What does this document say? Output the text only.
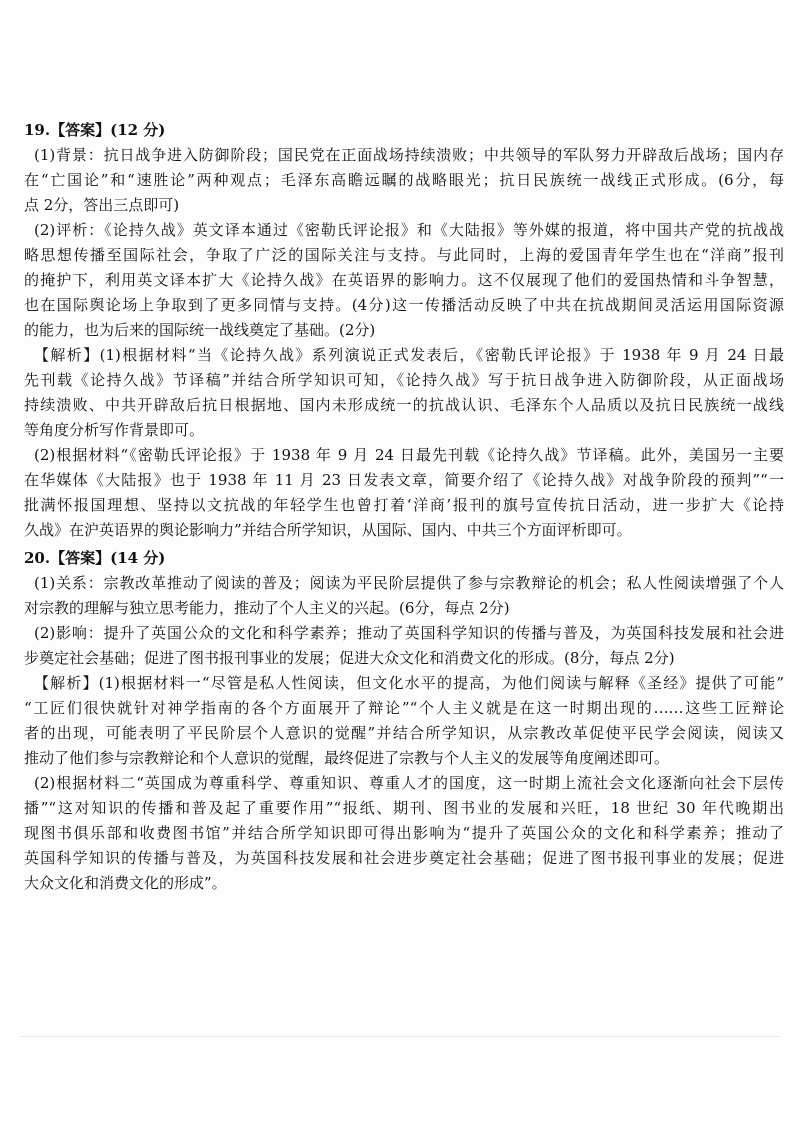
19.【答案】(12 分)
(1)背景：抗日战争进入防御阶段；国民党在正面战场持续溃败；中共领导的军队努力开辟敌后战场；国内存
在“亡国论”和“速胜论”两种观点；毛泽东高瞻远瞩的战略眼光；抗日民族统一战线正式形成。(6分，每
点 2分，答出三点即可)
(2)评析：《论持久战》英文译本通过《密勒氏评论报》和《大陆报》等外媒的报道，将中国共产党的抗战战
略思想传播至国际社会，争取了广泛的国际关注与支持。与此同时，上海的爱国青年学生也在“洋商”报刊
的掩护下，利用英文译本扩大《论持久战》在英语界的影响力。这不仅展现了他们的爱国热情和斗争智慧，
也在国际舆论场上争取到了更多同情与支持。(4分)这一传播活动反映了中共在抗战期间灵活运用国际资源
的能力，也为后来的国际统一战线奠定了基础。(2分)
【解析】(1)根据材料“当《论持久战》系列演说正式发表后，《密勒氏评论报》于 1938 年 9 月 24 日最
先刊载《论持久战》节译稿”并结合所学知识可知，《论持久战》写于抗日战争进入防御阶段，从正面战场
持续溃败、中共开辟敌后抗日根据地、国内未形成统一的抗战认识、毛泽东个人品质以及抗日民族统一战线
等角度分析写作背景即可。
(2)根据材料“《密勒氏评论报》于 1938 年 9 月 24 日最先刊载《论持久战》节译稿。此外，美国另一主要
在华媒体《大陆报》也于 1938 年 11 月 23 日发表文章，简要介绍了《论持久战》对战争阶段的预判”“一
批满怀报国理想、坚持以文抗战的年轻学生也曾打着‘洋商’报刊的旗号宣传抗日活动，进一步扩大《论持
久战》在沪英语界的舆论影响力”并结合所学知识，从国际、国内、中共三个方面评析即可。
20.【答案】(14 分)
(1)关系：宗教改革推动了阅读的普及；阅读为平民阶层提供了参与宗教辩论的机会；私人性阅读增强了个人
对宗教的理解与独立思考能力，推动了个人主义的兴起。(6分，每点 2分)
(2)影响：提升了英国公众的文化和科学素养；推动了英国科学知识的传播与普及，为英国科技发展和社会进
步奠定社会基础；促进了图书报刊事业的发展；促进大众文化和消费文化的形成。(8分，每点 2分)
【解析】(1)根据材料一“尽管是私人性阅读，但文化水平的提高，为他们阅读与解释《圣经》提供了可能”
“工匠们很快就针对神学指南的各个方面展开了辩论”“个人主义就是在这一时期出现的……这些工匠辩论
者的出现，可能表明了平民阶层个人意识的觉醒”并结合所学知识，从宗教改革促使平民学会阅读，阅读又
推动了他们参与宗教辩论和个人意识的觉醒，最终促进了宗教与个人主义的发展等角度阐述即可。
(2)根据材料二“英国成为尊重科学、尊重知识、尊重人才的国度，这一时期上流社会文化逐渐向社会下层传
播”“这对知识的传播和普及起了重要作用”“报纸、期刊、图书业的发展和兴旺，18 世纪 30 年代晚期出
现图书俱乐部和收费图书馆”并结合所学知识即可得出影响为“提升了英国公众的文化和科学素养；推动了
英国科学知识的传播与普及，为英国科技发展和社会进步奠定社会基础；促进了图书报刊事业的发展；促进
大众文化和消费文化的形成”。
